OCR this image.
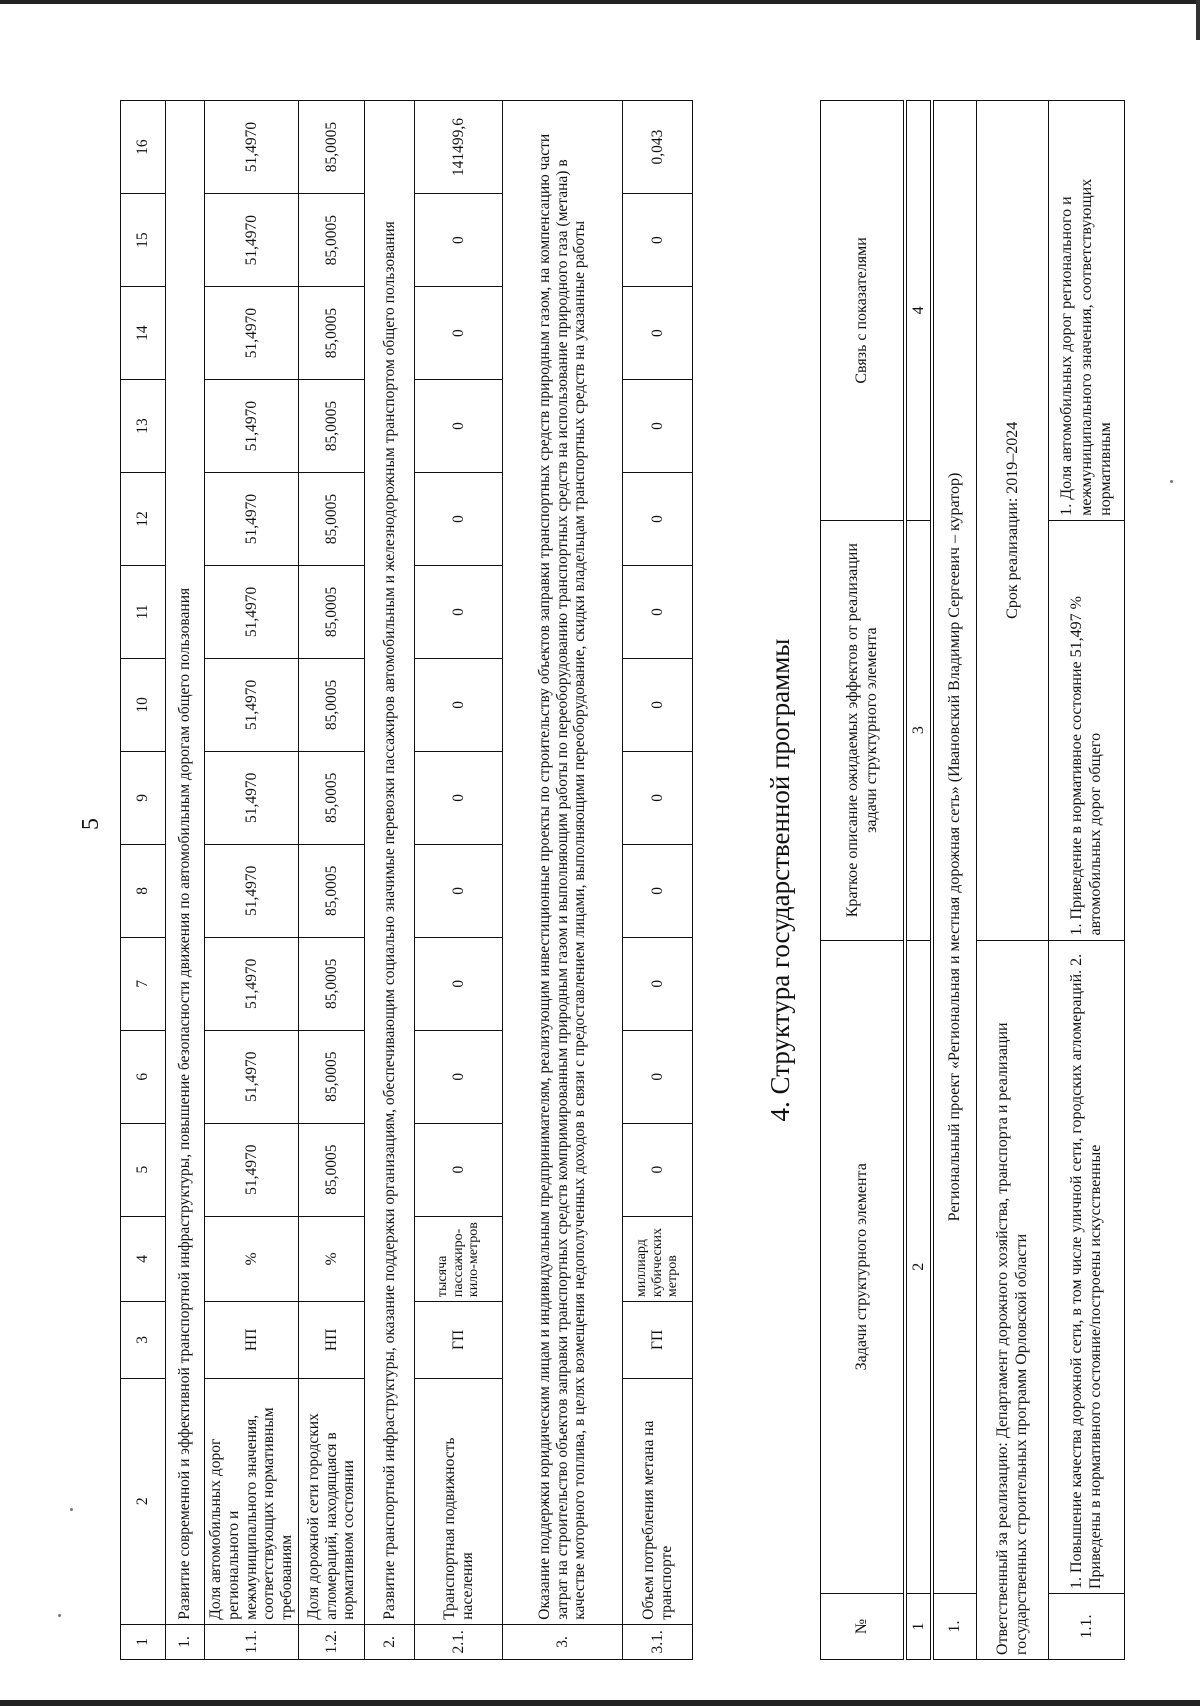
5
1	2	3	4	5	6	7	8	9	10	11	12	13	14	15	16
1.	Развитие современной и эффективной транспортной инфраструктуры, повышение безопасности движения по автомобильным дорогам общего пользования														
1.1.	Доля автомобильных дорог регионального и межмуниципального значения, соответствующих нормативным требованиям	НП	%	51,4970	51,4970	51,4970	51,4970	51,4970	51,4970	51,4970	51,4970	51,4970	51,4970	51,4970	51,4970
1.2.	Доля дорожной сети городских агломераций, находящаяся в нормативном состоянии	НП	%	85,0005	85,0005	85,0005	85,0005	85,0005	85,0005	85,0005	85,0005	85,0005	85,0005	85,0005	85,0005
2.	Развитие транспортной инфраструктуры, оказание поддержки организациям, обеспечивающим социально значимые перевозки пассажиров автомобильным и железнодорожным транспортом общего пользования														
2.1.	Транспортная подвижность населения	ГП	тысяча пассажиро-кило-метров	0	0	0	0	0	0	0	0	0	0	0	141499,6
3.	Оказание поддержки юридическим лицам и индивидуальным предпринимателям, реализующим инвестиционные проекты по строительству объектов заправки транспортных средств природным газом, на компенсацию части затрат на строительство объектов заправки транспортных средств компримированным природным газом и выполняющим работы по переоборудованию транспортных средств на использование природного газа (метана) в качестве моторного топлива, в целях возмещения недополученных доходов в связи с предоставлением лицами, выполняющими переоборудование, скидки владельцам транспортных средств на указанные работы														
3.1.	Объем потребления метана на транспорте	ГП	миллиард кубических метров	0	0	0	0	0	0	0	0	0	0	0	0,043
4. Структура государственной программы
№	Задачи структурного элемента	Краткое описание ожидаемых эффектов от реализации задачи структурного элемента	Связь с показателями
1	2	3	4
1.	Региональный проект «Региональная и местная дорожная сеть» (Ивановский Владимир Сергеевич – куратор)		
Ответственный за реализацию: Департамент дорожного хозяйства, транспорта и реализации государственных строительных программ Орловской области		Срок реализации: 2019–2024	
1.1.	1. Повышение качества дорожной сети, в том числе уличной сети, городских агломераций. 2. Приведены в нормативного состояние/построены искусственные	1. Приведение в нормативное состояние 51,497 % автомобильных дорог общего	1. Доля автомобильных дорог регионального и межмуниципального значения, соответствующих нормативным
